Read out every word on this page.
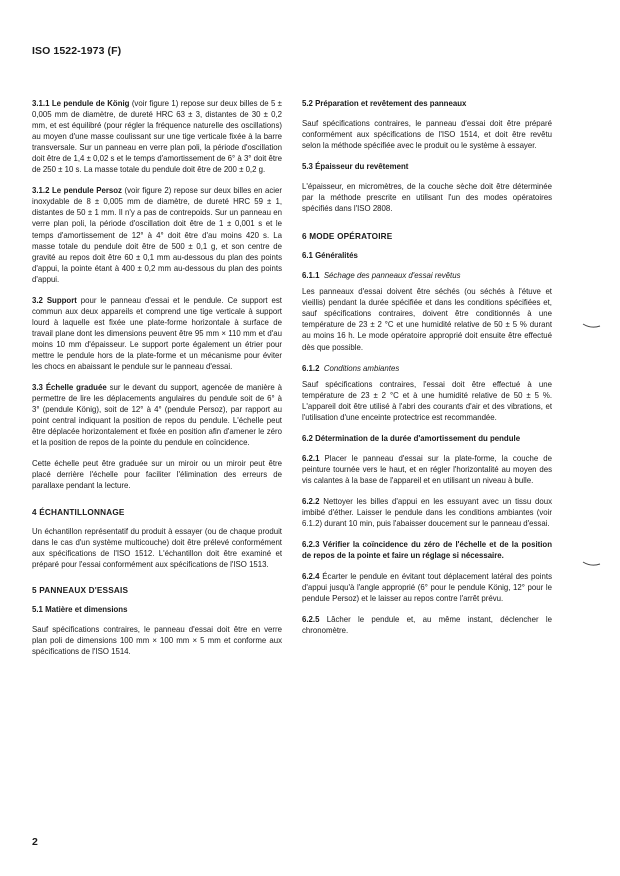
ISO 1522-1973 (F)

3.1.1 Le pendule de König (voir figure 1) repose sur deux billes de 5 ± 0,005 mm de diamètre, de dureté HRC 63 ± 3, distantes de 30 ± 0,2 mm, et est équilibré (pour régler la fréquence naturelle des oscillations) au moyen d'une masse coulissant sur une tige verticale fixée à la barre transversale. Sur un panneau en verre plan poli, la période d'oscillation doit être de 1,4 ± 0,02 s et le temps d'amortissement de 6° à 3° doit être de 250 ± 10 s. La masse totale du pendule doit être de 200 ± 0,2 g.

3.1.2 Le pendule Persoz (voir figure 2) repose sur deux billes en acier inoxydable de 8 ± 0,005 mm de diamètre, de dureté HRC 59 ± 1, distantes de 50 ± 1 mm. Il n'y a pas de contrepoids. Sur un panneau en verre plan poli, la période d'oscillation doit être de 1 ± 0,001 s et le temps d'amortissement de 12° à 4° doit être d'au moins 420 s. La masse totale du pendule doit être de 500 ± 0,1 g, et son centre de gravité au repos doit être 60 ± 0,1 mm au-dessous du plan des points d'appui, la pointe étant à 400 ± 0,2 mm au-dessous du plan des points d'appui.

3.2 Support pour le panneau d'essai et le pendule. Ce support est commun aux deux appareils et comprend une tige verticale à support lourd à laquelle est fixée une plate-forme horizontale à surface de travail plane dont les dimensions peuvent être 95 mm × 110 mm et d'au moins 10 mm d'épaisseur. Le support porte également un étrier pour mettre le pendule hors de la plate-forme et un mécanisme pour éviter les chocs en abaissant le pendule sur le panneau d'essai.

3.3 Échelle graduée sur le devant du support, agencée de manière à permettre de lire les déplacements angulaires du pendule soit de 6° à 3° (pendule König), soit de 12° à 4° (pendule Persoz), par rapport au point central indiquant la position de repos du pendule. L'échelle peut être déplacée horizontalement et fixée en position afin d'amener le zéro et la position de repos de la pointe du pendule en coïncidence.

Cette échelle peut être graduée sur un miroir ou un miroir peut être placé derrière l'échelle pour faciliter l'élimination des erreurs de parallaxe pendant la lecture.

4 ÉCHANTILLONNAGE

Un échantillon représentatif du produit à essayer (ou de chaque produit dans le cas d'un système multicouche) doit être prélevé conformément aux spécifications de l'ISO 1512. L'échantillon doit être examiné et préparé pour l'essai conformément aux spécifications de l'ISO 1513.

5 PANNEAUX D'ESSAIS
5.1 Matière et dimensions

Sauf spécifications contraires, le panneau d'essai doit être en verre plan poli de dimensions 100 mm × 100 mm × 5 mm et conforme aux spécifications de l'ISO 1514.

5.2 Préparation et revêtement des panneaux

Sauf spécifications contraires, le panneau d'essai doit être préparé conformément aux spécifications de l'ISO 1514, et doit être revêtu selon la méthode spécifiée avec le produit ou le système à essayer.

5.3 Épaisseur du revêtement

L'épaisseur, en micromètres, de la couche sèche doit être déterminée par la méthode prescrite en utilisant l'un des modes opératoires spécifiés dans l'ISO 2808.

6 MODE OPÉRATOIRE
6.1 Généralités
6.1.1 Séchage des panneaux d'essai revêtus

Les panneaux d'essai doivent être séchés (ou séchés à l'étuve et vieillis) pendant la durée spécifiée et dans les conditions spécifiées et, sauf spécifications contraires, doivent être conditionnés à une température de 23 ± 2 °C et une humidité relative de 50 ± 5 % durant au moins 16 h. Le mode opératoire approprié doit ensuite être effectué dès que possible.

6.1.2 Conditions ambiantes

Sauf spécifications contraires, l'essai doit être effectué à une température de 23 ± 2 °C et à une humidité relative de 50 ± 5 %. L'appareil doit être utilisé à l'abri des courants d'air et des vibrations, et l'utilisation d'une enceinte protectrice est recommandée.

6.2 Détermination de la durée d'amortissement du pendule

6.2.1 Placer le panneau d'essai sur la plate-forme, la couche de peinture tournée vers le haut, et en régler l'horizontalité au moyen des vis calantes à la base de l'appareil et en utilisant un niveau à bulle.

6.2.2 Nettoyer les billes d'appui en les essuyant avec un tissu doux imbibé d'éther. Laisser le pendule dans les conditions ambiantes (voir 6.1.2) durant 10 min, puis l'abaisser doucement sur le panneau d'essai.

6.2.3 Vérifier la coïncidence du zéro de l'échelle et de la position de repos de la pointe et faire un réglage si nécessaire.

6.2.4 Écarter le pendule en évitant tout déplacement latéral des points d'appui jusqu'à l'angle approprié (6° pour le pendule König, 12° pour le pendule Persoz) et le laisser au repos contre l'arrêt prévu.

6.2.5 Lâcher le pendule et, au même instant, déclencher le chronomètre.

2
